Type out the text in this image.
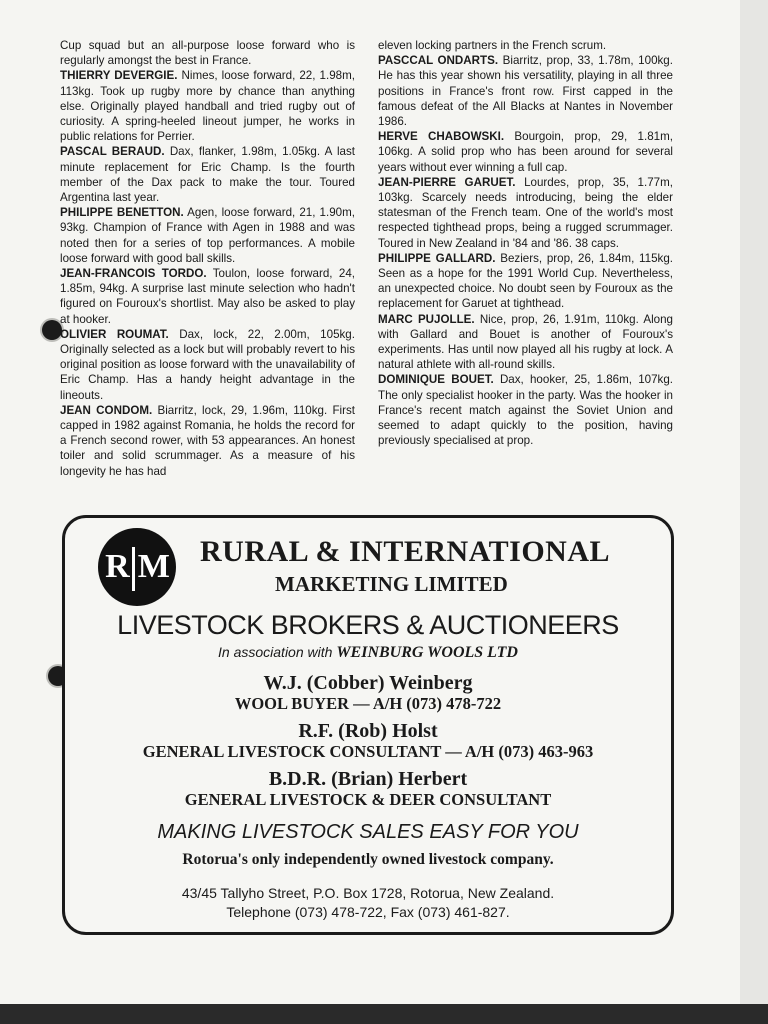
Cup squad but an all-purpose loose forward who is regularly amongst the best in France.

THIERRY DEVERGIE. Nimes, loose forward, 22, 1.98m, 113kg. Took up rugby more by chance than anything else. Originally played handball and tried rugby out of curiosity. A spring-heeled lineout jumper, he works in public relations for Perrier.

PASCAL BERAUD. Dax, flanker, 1.98m, 1.05kg. A last minute replacement for Eric Champ. Is the fourth member of the Dax pack to make the tour. Toured Argentina last year.

PHILIPPE BENETTON. Agen, loose forward, 21, 1.90m, 93kg. Champion of France with Agen in 1988 and was noted then for a series of top performances. A mobile loose forward with good ball skills.

JEAN-FRANCOIS TORDO. Toulon, loose forward, 24, 1.85m, 94kg. A surprise last minute selection who hadn't figured on Fouroux's shortlist. May also be asked to play at hooker.

OLIVIER ROUMAT. Dax, lock, 22, 2.00m, 105kg. Originally selected as a lock but will probably revert to his original position as loose forward with the unavailability of Eric Champ. Has a handy height advantage in the lineouts.

JEAN CONDOM. Biarritz, lock, 29, 1.96m, 110kg. First capped in 1982 against Romania, he holds the record for a French second rower, with 53 appearances. An honest toiler and solid scrummager. As a measure of his longevity he has had

eleven locking partners in the French scrum.

PASCCAL ONDARTS. Biarritz, prop, 33, 1.78m, 100kg. He has this year shown his versatility, playing in all three positions in France's front row. First capped in the famous defeat of the All Blacks at Nantes in November 1986.

HERVE CHABOWSKI. Bourgoin, prop, 29, 1.81m, 106kg. A solid prop who has been around for several years without ever winning a full cap.

JEAN-PIERRE GARUET. Lourdes, prop, 35, 1.77m, 103kg. Scarcely needs introducing, being the elder statesman of the French team. One of the world's most respected tighthead props, being a rugged scrummager. Toured in New Zealand in '84 and '86. 38 caps.

PHILIPPE GALLARD. Beziers, prop, 26, 1.84m, 115kg. Seen as a hope for the 1991 World Cup. Nevertheless, an unexpected choice. No doubt seen by Fouroux as the replacement for Garuet at tighthead.

MARC PUJOLLE. Nice, prop, 26, 1.91m, 110kg. Along with Gallard and Bouet is another of Fouroux's experiments. Has until now played all his rugby at lock. A natural athlete with all-round skills.

DOMINIQUE BOUET. Dax, hooker, 25, 1.86m, 107kg. The only specialist hooker in the party. Was the hooker in France's recent match against the Soviet Union and seemed to adapt quickly to the position, having previously specialised at prop.

R M RURAL & INTERNATIONAL
MARKETING LIMITED
LIVESTOCK BROKERS & AUCTIONEERS
In association with WEINBURG WOOLS LTD
W.J. (Cobber) Weinberg
WOOL BUYER — A/H (073) 478-722
R.F. (Rob) Holst
GENERAL LIVESTOCK CONSULTANT — A/H (073) 463-963
B.D.R. (Brian) Herbert
GENERAL LIVESTOCK & DEER CONSULTANT
MAKING LIVESTOCK SALES EASY FOR YOU
Rotorua's only independently owned livestock company.
43/45 Tallyho Street, P.O. Box 1728, Rotorua, New Zealand.
Telephone (073) 478-722, Fax (073) 461-827.
